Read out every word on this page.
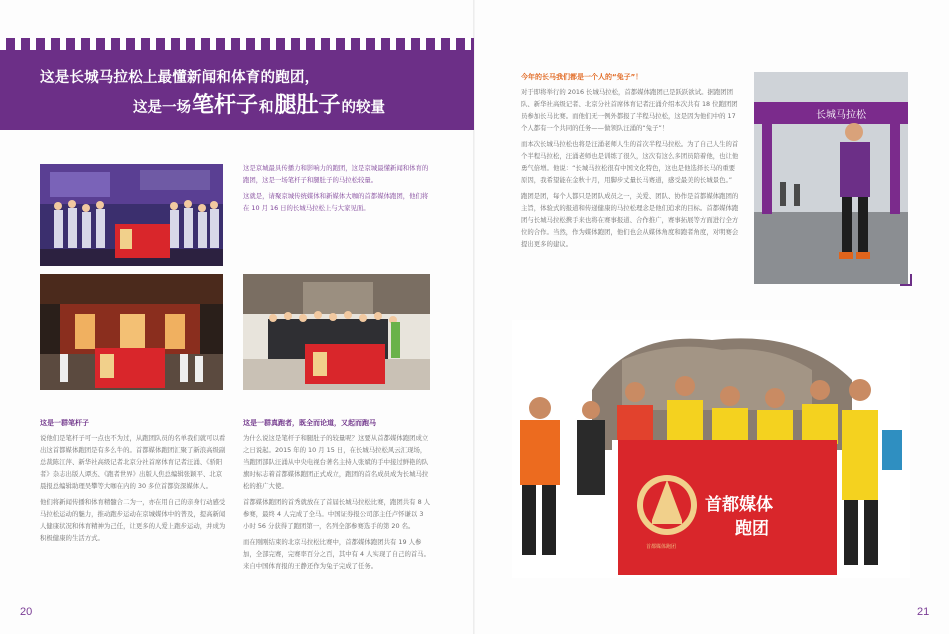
这是长城马拉松上最懂新闻和体育的跑团，
这是一场 笔杆子 和 腿肚子 的较量

这是京城最具传播力和影响力的跑团，这是京城最懂新闻和体育的跑团，这是一场笔杆子和腿肚子的马拉松较量。

这就是，请聚京城传统媒体和新媒体大咖的首都媒体跑团，他们将在 10 月 16 日的长城马拉松上与大家见面。

这是一群笔杆子

说他们是笔杆子可一点也不为过，从跑团队员的名单我们就可以看出这首都媒体跑团是有多么牛的。首都媒体跑团汇聚了新浪高级副总裁陈江萍、新华社高级记者北京分社首席体育记者汪涌、《骄阳者》杂志出版人谭杰、《跑者世界》出版人焦总编辑张颖平、北京晨报总编辑助理吴攀等大咖在内的 30 多位首都资深媒体人。

他们将新闻传播和体育精髓合二为一，亦在用自己的亲身行动感受马拉松运动的魅力，推动跑步运动在京城媒体中的普及，提高新闻人健康状况和体育精神为己任，让更多的人爱上跑步运动，并成为积极健康的生活方式。

这是一群真跑者，既全而论道，又起而跑马

为什么说这是笔杆子和腿肚子的较量呢？这要从首都媒体跑团成立之日说起。2015 年的 10 月 15 日，在长城马拉松风云汇现场，当跑团部队汪涌从中央电视台著名主持人张斌的手中接过鲜艳的队旗时标志着首都媒体跑团正式成立，跑团的首名成员成为长城马拉松的推广大使。

首都媒体跑团的首秀就放在了首届长城马拉松比赛，跑团共有 8 人参赛，最终 4 人完成了全马。中国证券报公司部主任卢怀谦以 3 小时 56 分获得了跑团第一，名列全部参赛选手的第 20 名。

而在刚刚结束的北京马拉松比赛中，首都媒体跑团共有 19 人参加，全部完赛，完赛率百分之百，其中有 4 人实现了自己的首马。来自中国体育报的王静还作为兔子完成了任务。

今年的长马我们都是一个人的“兔子”！

对于即将举行的 2016 长城马拉松，首都媒体跑团已是跃跃欲试。据跑团团队、新华社高级记者、北京分社首席体育记者汪涌介绍本次共有 18 位跑团团员参加长马比赛。而他们无一例外都报了半程马拉松，这是因为他们中的 17 个人都有一个共同的任务——做领队汪涌的“兔子”！

而本次长城马拉松也将是汪涌老师人生的首次半程马拉松。为了自己人生的首个半程马拉松，汪涌老师也是训练了很久，这次有这么多团员陪着他，也让他勇气倍增。他说：“长城马拉松很有中国文化特色，这也是他选择长马的重要原因，我希望能在金秋十月，用脚步丈量长马赛道，感受最美的长城景色。”

跑团是团，每个人都只是团队成员之一，关爱、团队、协作是首都媒体跑团的主旨，体验式的报道和传递健康的马拉松理念是他们追求的目标。首都媒体跑团与长城马拉松携手来也将在赛事报道、合作推广，赛事拓展等方面进行全方位的合作。当然，作为媒体跑团，他们也会从媒体角度和跑者角度，对明赛会提出更多的建议。

长城马拉松
首都媒体
跑团
首都媒体跑团
20	21
